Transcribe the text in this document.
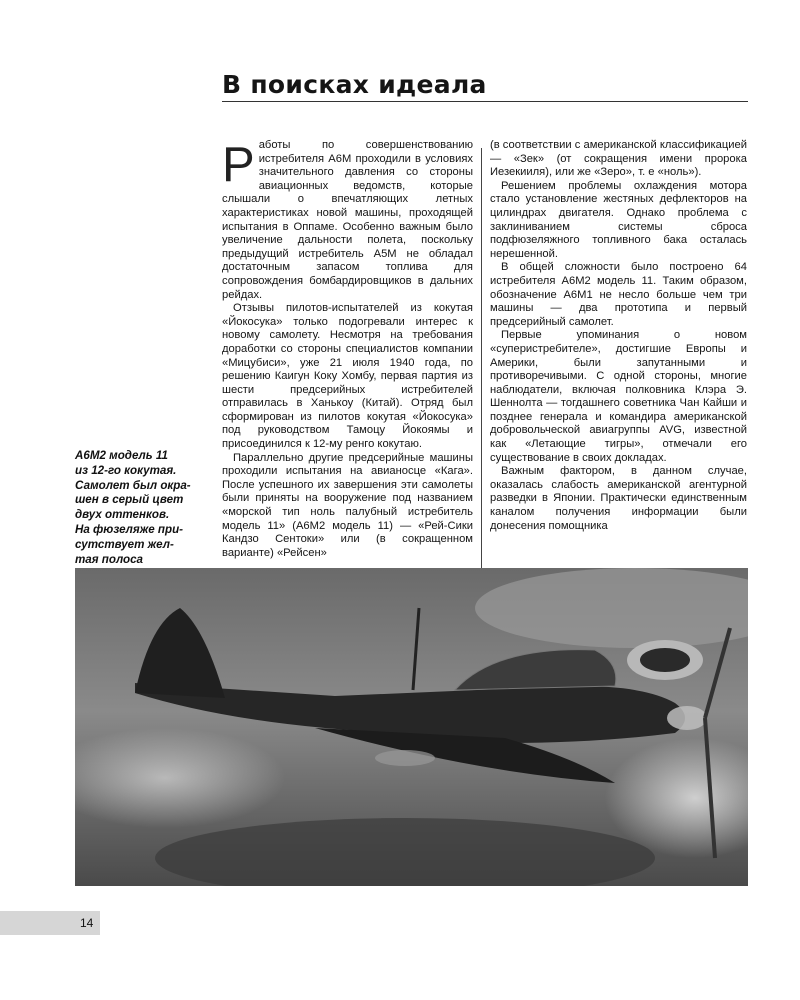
В поисках идеала

Работы по совершенствованию истребителя А6М проходили в условиях значительного давления со стороны авиационных ведомств, которые слышали о впечатляющих летных характеристиках новой машины, проходящей испытания в Оппаме. Особенно важным было увеличение дальности полета, поскольку предыдущий истребитель А5М не обладал достаточным запасом топлива для сопровождения бомбардировщиков в дальних рейдах.

Отзывы пилотов-испытателей из кокутая «Йокосука» только подогревали интерес к новому самолету. Несмотря на требования доработки со стороны специалистов компании «Мицубиси», уже 21 июля 1940 года, по решению Каигун Коку Хомбу, первая партия из шести предсерийных истребителей отправилась в Ханькоу (Китай). Отряд был сформирован из пилотов кокутая «Йокосука» под руководством Тамоцу Йокоямы и присоединился к 12-му ренго кокутаю.

Параллельно другие предсерийные машины проходили испытания на авианосце «Кага». После успешного их завершения эти самолеты были приняты на вооружение под названием «морской тип ноль палубный истребитель модель 11» (А6М2 модель 11) — «Рей-Сики Кандзо Сентоки» или (в сокращенном варианте) «Рейсен»

(в соответствии с американской классификацией — «Зек» (от сокращения имени пророка Иезекииля), или же «Зеро», т. е «ноль»).

Решением проблемы охлаждения мотора стало установление жестяных дефлекторов на цилиндрах двигателя. Однако проблема с заклиниванием системы сброса подфюзеляжного топливного бака осталась нерешенной.

В общей сложности было построено 64 истребителя А6М2 модель 11. Таким образом, обозначение А6М1 не несло больше чем три машины — два прототипа и первый предсерийный самолет.

Первые упоминания о новом «суперистребителе», достигшие Европы и Америки, были запутанными и противоречивыми. С одной стороны, многие наблюдатели, включая полковника Клэра Э. Шеннолта — тогдашнего советника Чан Кайши и позднее генерала и командира американской добровольческой авиагруппы AVG, известной как «Летающие тигры», отмечали его существование в своих докладах.

Важным фактором, в данном случае, оказалась слабость американской агентурной разведки в Японии. Практически единственным каналом получения информации были донесения помощника

А6М2 модель 11
из 12-го кокутая.
Самолет был окра-
шен в серый цвет
двух оттенков.
На фюзеляже при-
сутствует жел-
тая полоса
14
